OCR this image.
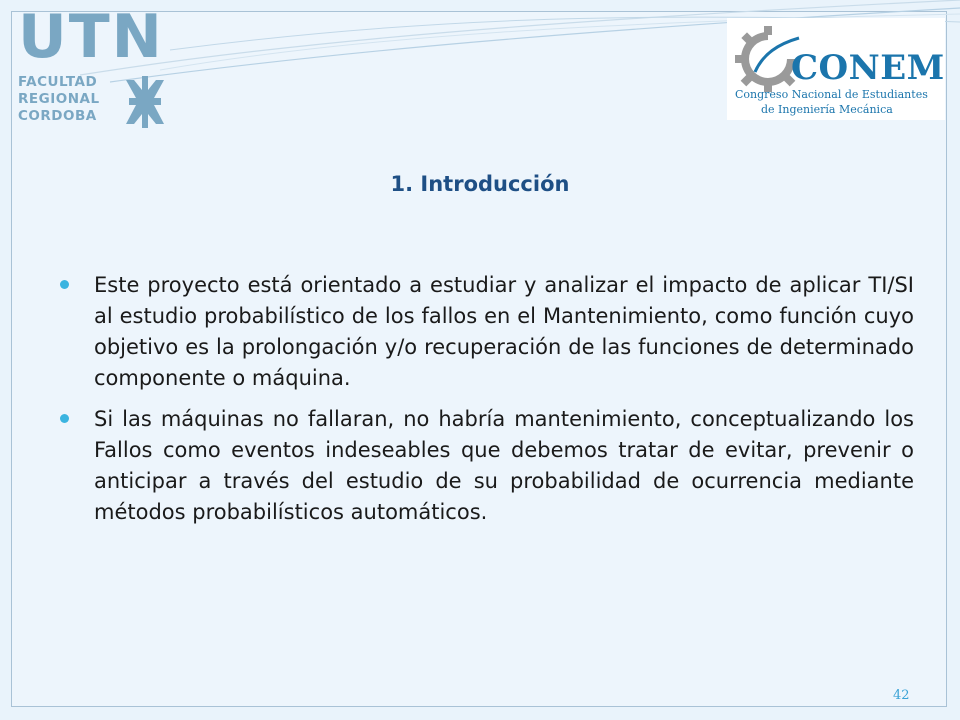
UTN
FACULTAD
REGIONAL
CORDOBA
CONEM
Congreso Nacional de Estudiantes
de Ingeniería Mecánica
1. Introducción
Este proyecto está orientado a estudiar y analizar el impacto de aplicar TI/SI al estudio probabilístico de los fallos en el Mantenimiento, como función cuyo objetivo es la prolongación y/o recuperación de las funciones de determinado componente o máquina.
Si las máquinas no fallaran, no habría mantenimiento, conceptualizando los Fallos como eventos indeseables que debemos tratar de evitar, prevenir o anticipar a través del estudio de su probabilidad de ocurrencia mediante métodos probabilísticos automáticos.
42
